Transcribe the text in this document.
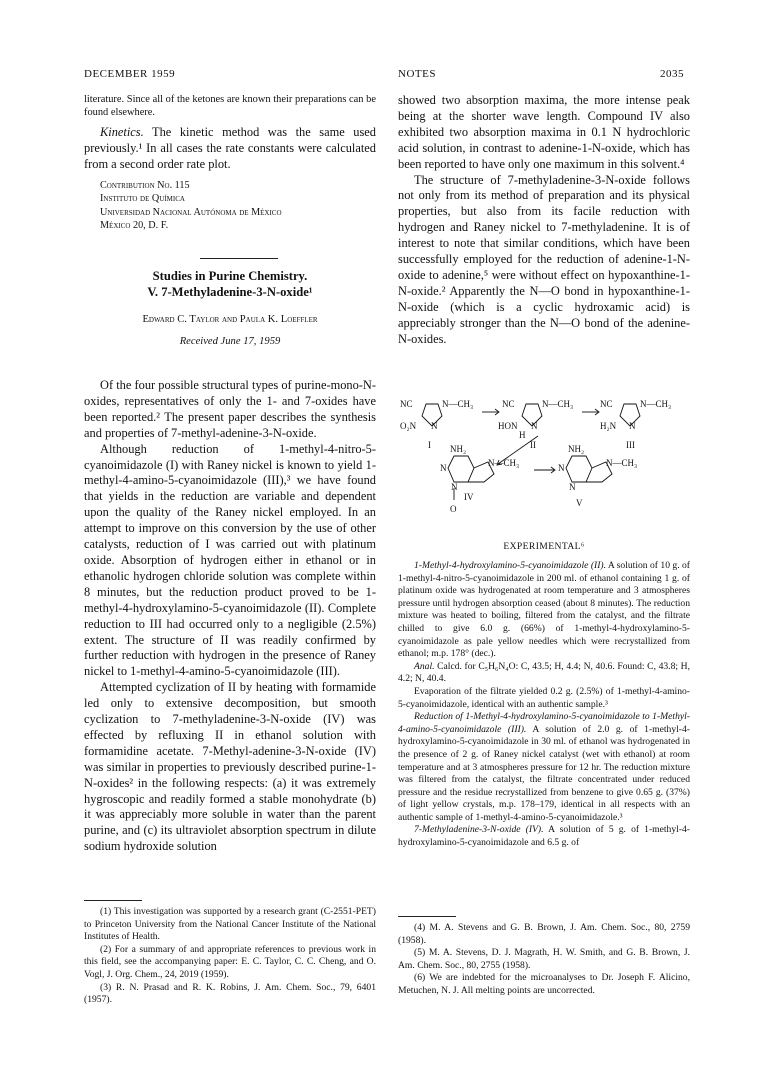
DECEMBER 1959	NOTES	2035

literature. Since all of the ketones are known their preparations can be found elsewhere.

Kinetics. The kinetic method was the same used previously.¹ In all cases the rate constants were calculated from a second order rate plot.

Contribution No. 115
Instituto de Química
Universidad Nacional Autónoma de México
México 20, D. F.
Studies in Purine Chemistry.
V. 7-Methyladenine-3-N-oxide¹
Edward C. Taylor and Paula K. Loeffler
Received June 17, 1959

Of the four possible structural types of purine-mono-N-oxides, representatives of only the 1- and 7-oxides have been reported.² The present paper describes the synthesis and properties of 7-methyl-adenine-3-N-oxide.

Although reduction of 1-methyl-4-nitro-5-cyanoimidazole (I) with Raney nickel is known to yield 1-methyl-4-amino-5-cyanoimidazole (III),³ we have found that yields in the reduction are variable and dependent upon the quality of the Raney nickel employed. In an attempt to improve on this conversion by the use of other catalysts, reduction of I was carried out with platinum oxide. Absorption of hydrogen either in ethanol or in ethanolic hydrogen chloride solution was complete within 8 minutes, but the reduction product proved to be 1-methyl-4-hydroxylamino-5-cyanoimidazole (II). Complete reduction to III had occurred only to a negligible (2.5%) extent. The structure of II was readily confirmed by further reduction with hydrogen in the presence of Raney nickel to 1-methyl-4-amino-5-cyanoimidazole (III).

Attempted cyclization of II by heating with formamide led only to extensive decomposition, but smooth cyclization to 7-methyladenine-3-N-oxide (IV) was effected by refluxing II in ethanol solution with formamidine acetate. 7-Methyl-adenine-3-N-oxide (IV) was similar in properties to previously described purine-1-N-oxides² in the following respects: (a) it was extremely hygroscopic and readily formed a stable monohydrate (b) it was appreciably more soluble in water than the parent purine, and (c) its ultraviolet absorption spectrum in dilute sodium hydroxide solution

(1) This investigation was supported by a research grant (C-2551-PET) to Princeton University from the National Cancer Institute of the National Institutes of Health.

(2) For a summary of and appropriate references to previous work in this field, see the accompanying paper: E. C. Taylor, C. C. Cheng, and O. Vogl, J. Org. Chem., 24, 2019 (1959).

(3) R. N. Prasad and R. K. Robins, J. Am. Chem. Soc., 79, 6401 (1957).

showed two absorption maxima, the more intense peak being at the shorter wave length. Compound IV also exhibited two absorption maxima in 0.1 N hydrochloric acid solution, in contrast to adenine-1-N-oxide, which has been reported to have only one maximum in this solvent.⁴

The structure of 7-methyladenine-3-N-oxide follows not only from its method of preparation and its physical properties, but also from its facile reduction with hydrogen and Raney nickel to 7-methyladenine. It is of interest to note that similar conditions, which have been successfully employed for the reduction of adenine-1-N-oxide to adenine,⁵ were without effect on hypoxanthine-1-N-oxide.² Apparently the N—O bond in hypoxanthine-1-N-oxide (which is a cyclic hydroxamic acid) is appreciably stronger than the N—O bond of the adenine-N-oxides.

NC	N—CH₃
O₂N N
I
NC	N—CH₃
HON N
H
II
NC	N—CH₃
H₂N N
III
NH₂
N—CH₃
N
N
O
IV
NH₂
N—CH₃
N
N
V
EXPERIMENTAL⁶

1-Methyl-4-hydroxylamino-5-cyanoimidazole (II). A solution of 10 g. of 1-methyl-4-nitro-5-cyanoimidazole in 200 ml. of ethanol containing 1 g. of platinum oxide was hydrogenated at room temperature and 3 atmospheres pressure until hydrogen absorption ceased (about 8 minutes). The reduction mixture was heated to boiling, filtered from the catalyst, and the filtrate chilled to give 6.0 g. (66%) of 1-methyl-4-hydroxylamino-5-cyanoimidazole as pale yellow needles which were recrystallized from ethanol; m.p. 178° (dec.).

Anal. Calcd. for C₅H₆N₄O: C, 43.5; H, 4.4; N, 40.6. Found: C, 43.8; H, 4.2; N, 40.4.

Evaporation of the filtrate yielded 0.2 g. (2.5%) of 1-methyl-4-amino-5-cyanoimidazole, identical with an authentic sample.³

Reduction of 1-Methyl-4-hydroxylamino-5-cyanoimidazole to 1-Methyl-4-amino-5-cyanoimidazole (III). A solution of 2.0 g. of 1-methyl-4-hydroxylamino-5-cyanoimidazole in 30 ml. of ethanol was hydrogenated in the presence of 2 g. of Raney nickel catalyst (wet with ethanol) at room temperature and at 3 atmospheres pressure for 12 hr. The reduction mixture was filtered from the catalyst, the filtrate concentrated under reduced pressure and the residue recrystallized from benzene to give 0.65 g. (37%) of light yellow crystals, m.p. 178–179, identical in all respects with an authentic sample of 1-methyl-4-amino-5-cyanoimidazole.³

7-Methyladenine-3-N-oxide (IV). A solution of 5 g. of 1-methyl-4-hydroxylamino-5-cyanoimidazole and 6.5 g. of

(4) M. A. Stevens and G. B. Brown, J. Am. Chem. Soc., 80, 2759 (1958).

(5) M. A. Stevens, D. J. Magrath, H. W. Smith, and G. B. Brown, J. Am. Chem. Soc., 80, 2755 (1958).

(6) We are indebted for the microanalyses to Dr. Joseph F. Alicino, Metuchen, N. J. All melting points are uncorrected.
